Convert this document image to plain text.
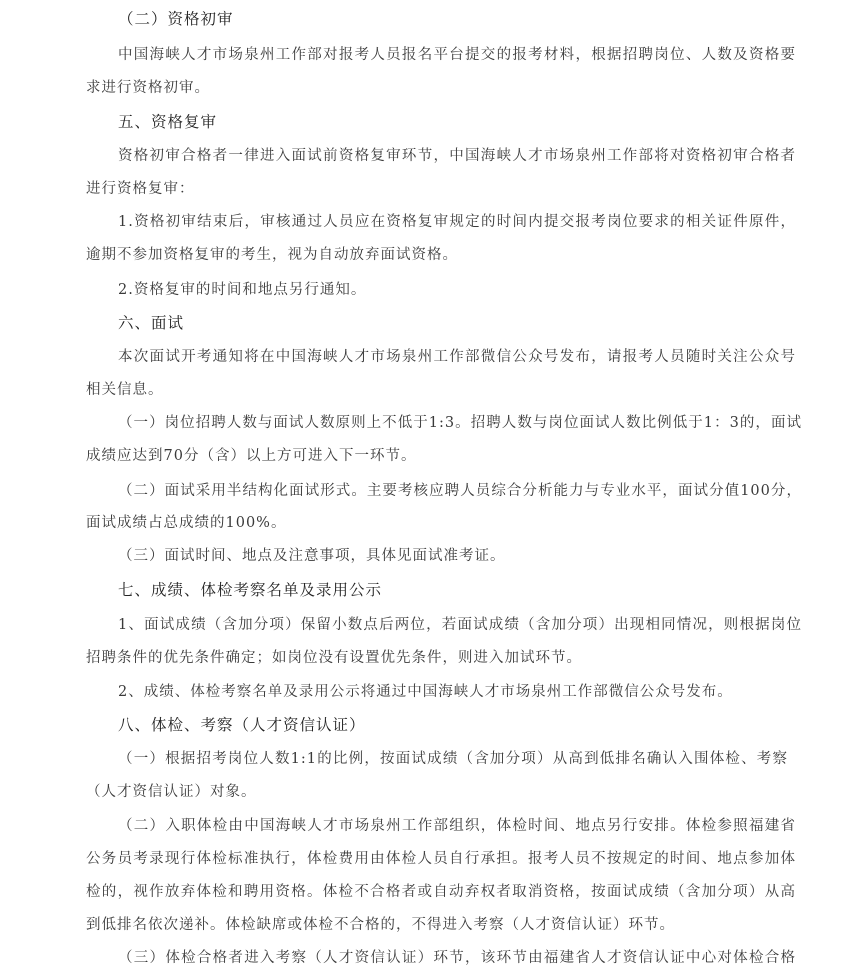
（二）资格初审
中国海峡人才市场泉州工作部对报考人员报名平台提交的报考材料，根据招聘岗位、人数及资格要
求进行资格初审。
五、资格复审
资格初审合格者一律进入面试前资格复审环节，中国海峡人才市场泉州工作部将对资格初审合格者
进行资格复审：
1.资格初审结束后，审核通过人员应在资格复审规定的时间内提交报考岗位要求的相关证件原件，
逾期不参加资格复审的考生，视为自动放弃面试资格。
2.资格复审的时间和地点另行通知。
六、面试
本次面试开考通知将在中国海峡人才市场泉州工作部微信公众号发布，请报考人员随时关注公众号
相关信息。
（一）岗位招聘人数与面试人数原则上不低于1:3。招聘人数与岗位面试人数比例低于1：3的，面试
成绩应达到70分（含）以上方可进入下一环节。
（二）面试采用半结构化面试形式。主要考核应聘人员综合分析能力与专业水平，面试分值100分，
面试成绩占总成绩的100%。
（三）面试时间、地点及注意事项，具体见面试准考证。
七、成绩、体检考察名单及录用公示
1、面试成绩（含加分项）保留小数点后两位，若面试成绩（含加分项）出现相同情况，则根据岗位
招聘条件的优先条件确定；如岗位没有设置优先条件，则进入加试环节。
2、成绩、体检考察名单及录用公示将通过中国海峡人才市场泉州工作部微信公众号发布。
八、体检、考察（人才资信认证）
（一）根据招考岗位人数1:1的比例，按面试成绩（含加分项）从高到低排名确认入围体检、考察
（人才资信认证）对象。
（二）入职体检由中国海峡人才市场泉州工作部组织，体检时间、地点另行安排。体检参照福建省
公务员考录现行体检标准执行，体检费用由体检人员自行承担。报考人员不按规定的时间、地点参加体
检的，视作放弃体检和聘用资格。体检不合格者或自动弃权者取消资格，按面试成绩（含加分项）从高
到低排名依次递补。体检缺席或体检不合格的，不得进入考察（人才资信认证）环节。
（三）体检合格者进入考察（人才资信认证）环节，该环节由福建省人才资信认证中心对体检合格
